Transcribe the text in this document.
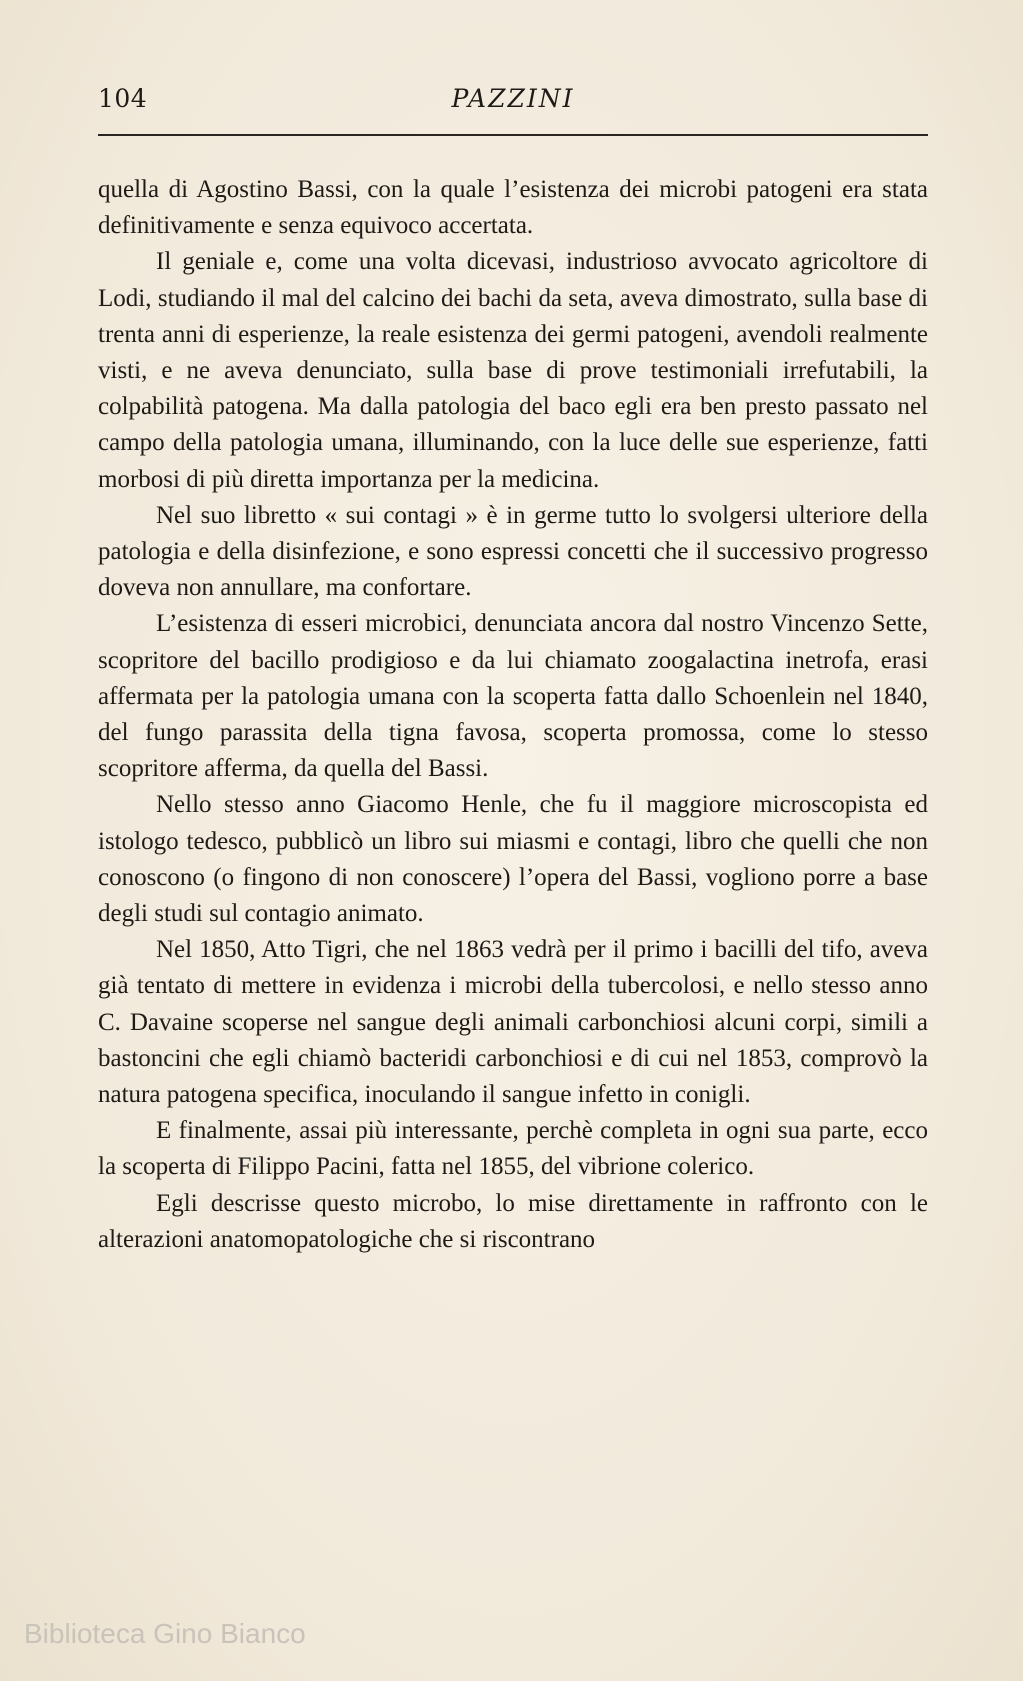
104	PAZZINI

quella di Agostino Bassi, con la quale l’esistenza dei microbi patogeni era stata definitivamente e senza equivoco accertata.

Il geniale e, come una volta dicevasi, industrioso avvocato agricoltore di Lodi, studiando il mal del calcino dei bachi da seta, aveva dimostrato, sulla base di trenta anni di esperienze, la reale esistenza dei germi patogeni, avendoli realmente visti, e ne aveva denunciato, sulla base di prove testimoniali irrefutabili, la colpabilità patogena. Ma dalla patologia del baco egli era ben presto passato nel campo della patologia umana, illuminando, con la luce delle sue esperienze, fatti morbosi di più diretta importanza per la medicina.

Nel suo libretto « sui contagi » è in germe tutto lo svolgersi ulteriore della patologia e della disinfezione, e sono espressi concetti che il successivo progresso doveva non annullare, ma confortare.

L’esistenza di esseri microbici, denunciata ancora dal nostro Vincenzo Sette, scopritore del bacillo prodigioso e da lui chiamato zoogalactina inetrofa, erasi affermata per la patologia umana con la scoperta fatta dallo Schoenlein nel 1840, del fungo parassita della tigna favosa, scoperta promossa, come lo stesso scopritore afferma, da quella del Bassi.

Nello stesso anno Giacomo Henle, che fu il maggiore microscopista ed istologo tedesco, pubblicò un libro sui miasmi e contagi, libro che quelli che non conoscono (o fingono di non conoscere) l’opera del Bassi, vogliono porre a base degli studi sul contagio animato.

Nel 1850, Atto Tigri, che nel 1863 vedrà per il primo i bacilli del tifo, aveva già tentato di mettere in evidenza i microbi della tubercolosi, e nello stesso anno C. Davaine scoperse nel sangue degli animali carbonchiosi alcuni corpi, simili a bastoncini che egli chiamò bacteridi carbonchiosi e di cui nel 1853, comprovò la natura patogena specifica, inoculando il sangue infetto in conigli.

E finalmente, assai più interessante, perchè completa in ogni sua parte, ecco la scoperta di Filippo Pacini, fatta nel 1855, del vibrione colerico.

Egli descrisse questo microbo, lo mise direttamente in raffronto con le alterazioni anatomopatologiche che si riscontrano

Biblioteca Gino Bianco
